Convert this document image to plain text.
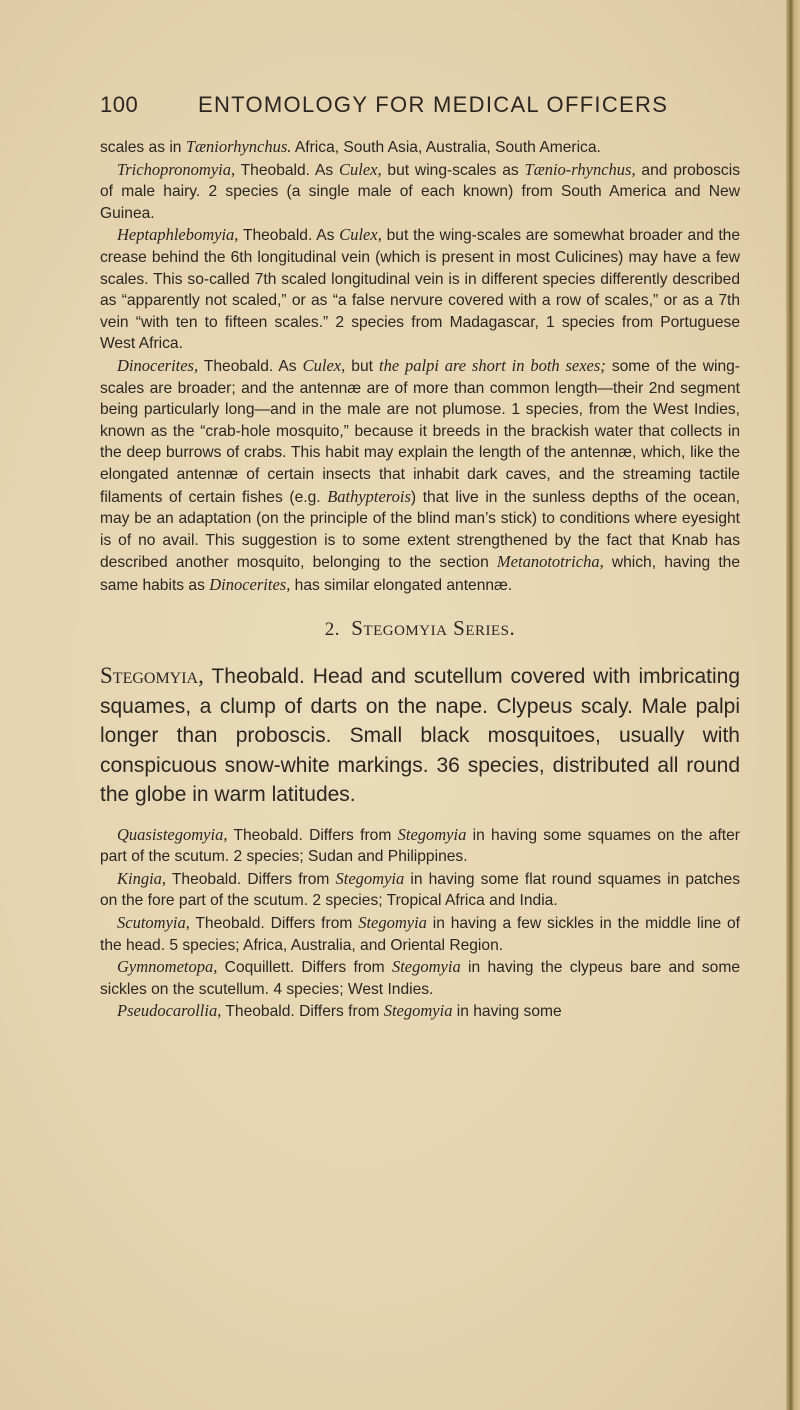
100	ENTOMOLOGY FOR MEDICAL OFFICERS

scales as in Tæniorhynchus. Africa, South Asia, Australia, South America.

Trichopronomyia, Theobald. As Culex, but wing-scales as Tænio-rhynchus, and proboscis of male hairy. 2 species (a single male of each known) from South America and New Guinea.

Heptaphlebomyia, Theobald. As Culex, but the wing-scales are somewhat broader and the crease behind the 6th longitudinal vein (which is present in most Culicines) may have a few scales. This so-called 7th scaled longitudinal vein is in different species differently described as “apparently not scaled,” or as “a false nervure covered with a row of scales,” or as a 7th vein “with ten to fifteen scales.” 2 species from Madagascar, 1 species from Portuguese West Africa.

Dinocerites, Theobald. As Culex, but the palpi are short in both sexes; some of the wing-scales are broader; and the antennæ are of more than common length—their 2nd segment being particularly long—and in the male are not plumose. 1 species, from the West Indies, known as the “crab-hole mosquito,” because it breeds in the brackish water that collects in the deep burrows of crabs. This habit may explain the length of the antennæ, which, like the elongated antennæ of certain insects that inhabit dark caves, and the streaming tactile filaments of certain fishes (e.g. Bathypterois) that live in the sunless depths of the ocean, may be an adaptation (on the principle of the blind man’s stick) to conditions where eyesight is of no avail. This suggestion is to some extent strengthened by the fact that Knab has described another mosquito, belonging to the section Metanototricha, which, having the same habits as Dinocerites, has similar elongated antennæ.

2. Stegomyia Series.

Stegomyia, Theobald. Head and scutellum covered with imbricating squames, a clump of darts on the nape. Clypeus scaly. Male palpi longer than proboscis. Small black mosquitoes, usually with conspicuous snow-white markings. 36 species, distributed all round the globe in warm latitudes.

Quasistegomyia, Theobald. Differs from Stegomyia in having some squames on the after part of the scutum. 2 species; Sudan and Philippines.

Kingia, Theobald. Differs from Stegomyia in having some flat round squames in patches on the fore part of the scutum. 2 species; Tropical Africa and India.

Scutomyia, Theobald. Differs from Stegomyia in having a few sickles in the middle line of the head. 5 species; Africa, Australia, and Oriental Region.

Gymnometopa, Coquillett. Differs from Stegomyia in having the clypeus bare and some sickles on the scutellum. 4 species; West Indies.

Pseudocarollia, Theobald. Differs from Stegomyia in having some
